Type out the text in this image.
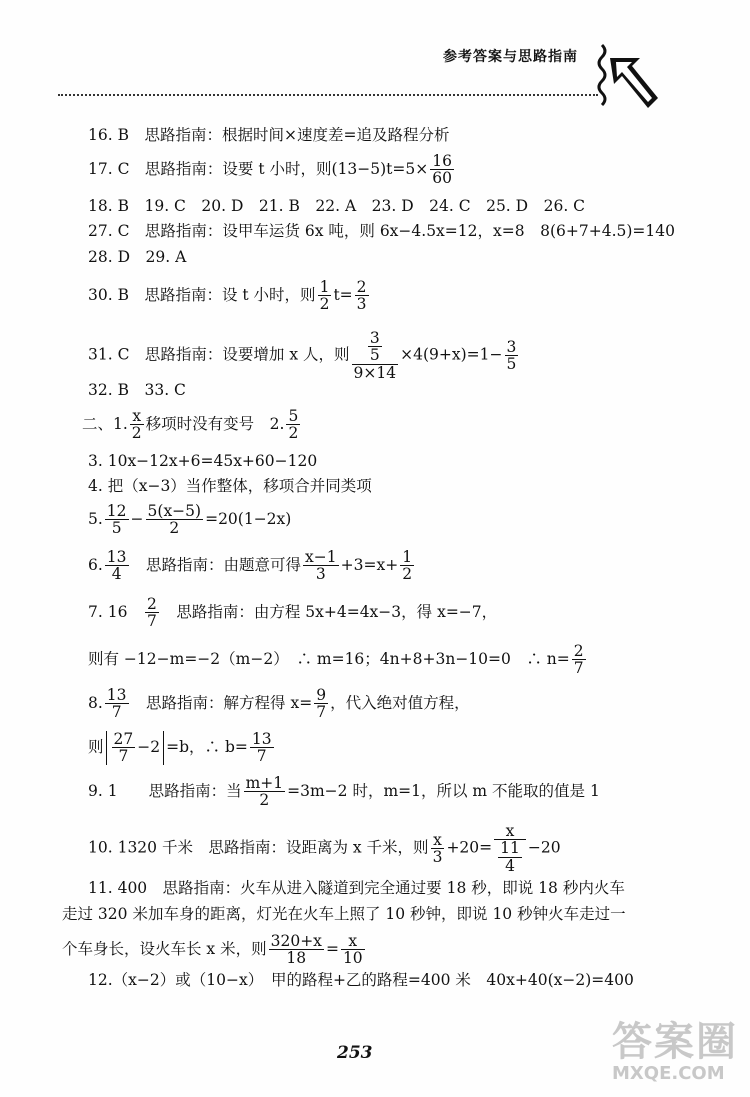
参考答案与思路指南
16. B　思路指南：根据时间×速度差=追及路程分析
17. C　思路指南：设要 t 小时，则$(13-5)t=5\times \frac{16}{60}$
18. B　19. C　20. D　21. B　22. A　23. D　24. C　25. D　26. C
27. C　思路指南：设甲车运货 6x 吨，则 6x−4.5x=12，x=8　8(6+7+4.5)=140
28. D　29. A
30. B　思路指南：设 t 小时，则 $\frac{1}{2} t= \frac{2}{3}$
31. C　思路指南：设要增加 x 人，则 $\frac{\frac{3}{5}}{9\times 14} \times 4(9+x)=1- \frac{3}{5}$
32. B　33. C
二、1. $\frac{x}{2}$ 移项时没有变号　2. $\frac{5}{2}$
3. 10x−12x+6=45x+60−120
4. 把（x−3）当作整体，移项合并同类项
5. $\frac{12}{5} - \frac{5(x-5)}{2} =20(1-2x)$
6. $\frac{13}{4}$ 　思路指南：由题意可得 $\frac{x-1}{3} +3=x+ \frac{1}{2}$
7. 16　 $\frac{2}{7}$ 　思路指南：由方程 5x+4=4x−3，得 x=−7，
则有 −12−m=−2（m−2）　∴ m=16；4n+8+3n−10=0　∴ $n= \frac{2}{7}$
8. $\frac{13}{7}$ 　思路指南：解方程得 $x= \frac{9}{7}$ ，代入绝对值方程，
则 $\frac{27}{7} -2 =b$，∴ $b= \frac{13}{7}$
9. 1　　思路指南：当 $\frac{m+1}{2} =3m-2$ 时，m=1，所以 m 不能取的值是 1
10. 1320 千米　思路指南：设距离为 x 千米，则 $\frac{x}{3} +20= \frac{x}{\frac{11}{4}} -20$
11. 400　思路指南：火车从进入隧道到完全通过要 18 秒，即说 18 秒内火车
走过 320 米加车身的距离，灯光在火车上照了 10 秒钟，即说 10 秒钟火车走过一
个车身长，设火车长 x 米，则 $\frac{320+x}{18} = \frac{x}{10}$
12.（x−2）或（10−x）　甲的路程+乙的路程=400 米　40x+40(x−2)=400
253	答案圈
MXQE.COM
